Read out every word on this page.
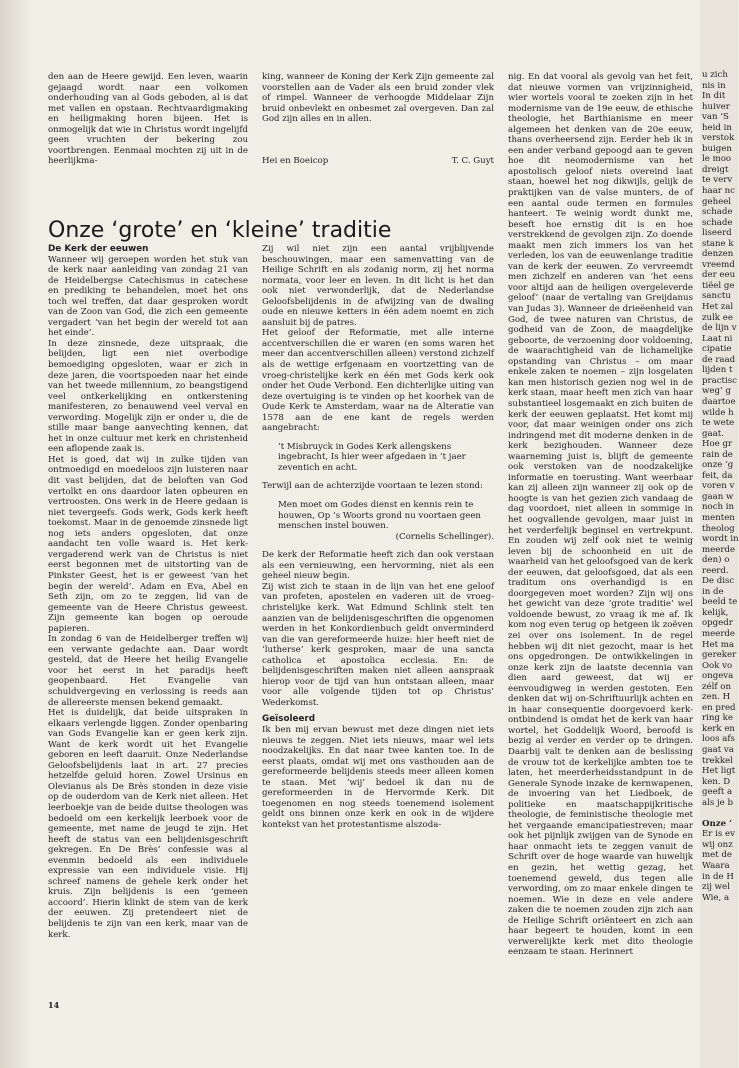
den aan de Heere gewijd. Een leven, waarin gejaagd wordt naar een volkomen onderhouding van al Gods geboden, al is dat met vallen en opstaan. Rechtvaardigmaking en heiligmaking horen bijeen. Het is onmogelijk dat wie in Christus wordt ingelijfd geen vruchten der bekering zou voortbrengen. Eenmaal mochten zij uit in de heerlijkma-

king, wanneer de Koning der Kerk Zijn gemeente zal voorstellen aan de Vader als een bruid zonder vlek of rimpel. Wanneer de verhoogde Middelaar Zijn bruid onbevlekt en onbesmet zal overgeven. Dan zal God zijn alles en in allen.

Hei en Boeicop	T. C. Guyt
Onze ‘grote’ en ‘kleine’ traditie

De Kerk der eeuwen

Wanneer wij geroepen worden het stuk van de kerk naar aanleiding van zondag 21 van de Heidelbergse Catechismus in catechese en prediking te behandelen, moet het ons toch wel treffen, dat daar gesproken wordt van de Zoon van God, die zich een gemeente vergadert ‘van het begin der wereld tot aan het einde’.

In deze zinsnede, deze uitspraak, die belijden, ligt een niet overbodige bemoediging opgesloten, waar er zich in deze jaren, die voortspoeden naar het einde van het tweede millennium, zo beangstigend veel ontkerkelijking en ontkerstening manifesteren, zo benauwend veel verval en verwording. Mogelijk zijn er onder u, die de stille maar bange aanvechting kennen, dat het in onze cultuur met kerk en christenheid een aflopende zaak is.

Het is goed, dat wij in zulke tijden van ontmoedigd en moedeloos zijn luisteren naar dit vast belijden, dat de beloften van God vertolkt en ons daardoor laten opbeuren en vertroosten. Ons werk in de Heere gedaan is niet tevergeefs. Gods werk, Gods kerk heeft toekomst. Maar in de genoemde zinsnede ligt nog iets anders opgesloten, dat onze aandacht ten volle waard is. Het kerk-vergaderend werk van de Christus is niet eerst begonnen met de uitstorting van de Pinkster Geest, het is er geweest ‘van het begin der wereld’. Adam en Eva, Abel en Seth zijn, om zo te zeggen, lid van de gemeente van de Heere Christus geweest. Zijn gemeente kan bogen op oeroude papieren.

In zondag 6 van de Heidelberger treffen wij een verwante gedachte aan. Daar wordt gesteld, dat de Heere het heilig Evangelie voor het eerst in het paradijs heeft geopenbaard. Het Evangelie van schuldvergeving en verlossing is reeds aan de allereerste mensen bekend gemaakt.

Het is duidelijk, dat beide uitspraken in elkaars verlengde liggen. Zonder openbaring van Gods Evangelie kan er geen kerk zijn. Want de kerk wordt uit het Evangelie geboren en leeft daaruit. Onze Nederlandse Geloofsbelijdenis laat in art. 27 precies hetzelfde geluid horen. Zowel Ursinus en Olevianus als De Brès stonden in deze visie op de ouderdom van de Kerk niet alleen. Het leerboekje van de beide duitse theologen was bedoeld om een kerkelijk leerboek voor de gemeente, met name de jeugd te zijn. Het heeft de status van een belijdenisgeschrift gekregen. En De Brès’ confessie was al evenmin bedoeld als een individuele expressie van een individuele visie. Hij schreef namens de gehele kerk onder het kruis. Zijn belijdenis is een ‘gemeen accoord’. Hierin klinkt de stem van de kerk der eeuwen. Zij pretendeert niet de belijdenis te zijn van een kerk, maar van de kerk.

Zij wil niet zijn een aantal vrijblijvende beschouwingen, maar een samenvatting van de Heilige Schrift en als zodanig norm, zij het norma normata, voor leer en leven. In dit licht is het dan ook niet verwonderlijk, dat de Nederlandse Geloofsbelijdenis in de afwijzing van de dwaling oude en nieuwe ketters in één adem noemt en zich aansluit bij de patres.

Het geloof der Reformatie, met alle interne accentverschillen die er waren (en soms waren het meer dan accentverschillen alleen) verstond zichzelf als de wettige erfgenaam en voortzetting van de vroeg-christelijke kerk en één met Gods kerk ook onder het Oude Verbond. Een dichterlijke uiting van deze overtuiging is te vinden op het koorhek van de Oude Kerk te Amsterdam, waar na de Alteratie van 1578 aan de ene kant de regels werden aangebracht:

’t Misbruyck in Godes Kerk allengskens ingebracht, Is hier weer afgedaen in ’t jaer zeventich en acht.

Terwijl aan de achterzijde voortaan te lezen stond:

Men moet om Godes dienst en kennis rein te houwen, Op ’s Woorts grond nu voortaen geen menschen instel bouwen.
(Cornelis Schellinger).

De kerk der Reformatie heeft zich dan ook verstaan als een vernieuwing, een hervorming, niet als een geheel nieuw begin.

Zij wist zich te staan in de lijn van het ene geloof van profeten, apostelen en vaderen uit de vroeg-christelijke kerk. Wat Edmund Schlink stelt ten aanzien van de belijdenisgeschriften die opgenomen werden in het Konkordienbuch geldt onverminderd van die van gereformeerde huize: hier heeft niet de ‘lutherse’ kerk gesproken, maar de una sancta catholica et apostolica ecclesia. En: de belijdenisgeschriften maken niet alleen aanspraak hierop voor de tijd van hun ontstaan alleen, maar voor alle volgende tijden tot op Christus’ Wederkomst.

Geïsoleerd

Ik ben mij ervan bewust met deze dingen niet iets nieuws te zeggen. Niet iets nieuws, maar wel iets noodzakelijks. En dat naar twee kanten toe. In de eerst plaats, omdat wij met ons vasthouden aan de gereformeerde belijdenis steeds meer alleen komen te staan. Met ‘wij’ bedoel ik dan nu de gereformeerden in de Hervormde Kerk. Dit toegenomen en nog steeds toenemend isolement geldt ons binnen onze kerk en ook in de wijdere kontekst van het protestantisme alszoda-

nig. En dat vooral als gevolg van het feit, dat nieuwe vormen van vrijzinnigheid, wier wortels vooral te zoeken zijn in het modernisme van de 19e eeuw, de ethische theologie, het Barthianisme en meer algemeen het denken van de 20e eeuw, thans overheersend zijn. Eerder heb ik in een ander verband gepoogd aan te geven hoe dit neomodernisme van het apostolisch geloof niets overeind laat staan, hoewel het nog dikwijls, gelijk de praktijken van de valse munters, de of een aantal oude termen en formules hanteert. Te weinig wordt dunkt me, beseft hoe ernstig dit is en hoe verstrekkend de gevolgen zijn. Zo doende maakt men zich immers los van het verleden, los van de eeuwenlange traditie van de kerk der eeuwen. Zo vervreemdt men zichzelf en anderen van ‘het eens voor altijd aan de heiligen overgeleverde geloof’ (naar de vertaling van Greijdanus van Judas 3). Wanneer de drieëenheid van God, de twee naturen van Christus, de godheid van de Zoon, de maagdelijke geboorte, de verzoening door voldoening, de waarachtigheid van de lichamelijke opstanding van Christus – om maar enkele zaken te noemen – zijn losgelaten kan men historisch gezien nog wel in de kerk staan, maar heeft men zich van haar substantieel losgemaakt en zich buiten de kerk der eeuwen geplaatst. Het komt mij voor, dat maar weinigen onder ons zich indringend met dit moderne denken in de kerk bezighouden. Wanneer deze waarneming juist is, blijft de gemeente ook verstoken van de noodzakelijke informatie en toerusting. Want weerbaar kan zij alleen zijn wanneer zij ook op de hoogte is van het gezien zich vandaag de dag voordoet, niet alleen in sommige in het oogvallende gevolgen, maar juist in het verderfelijk beginsel en vertrekpunt. En zouden wij zelf ook niet te weinig leven bij de schoonheid en uit de waarheid van het geloofsgoed van de kerk der eeuwen, dat geloofsgoed, dat als een traditum ons overhandigd is en doorgegeven moet worden? Zijn wij ons het gewicht van deze ‘grote traditie’ wel voldoende bewust, zo vraag ik me af. Ik kom nog even terug op hetgeen ik zoëven zei over ons isolement. In de regel hebben wij dit niet gezocht, maar is het ons opgedrongen. De ontwikkelingen in onze kerk zijn de laatste decennia van dien aard geweest, dat wij er eenvoudigweg in werden gestoten. Een denken dat wij on-Schriftuurlijk achten en in haar consequentie doorgevoerd kerk-ontbindend is omdat het de kerk van haar wortel, het Goddelijk Woord, beroofd is bezig al verder en verder op te dringen. Daarbij valt te denken aan de beslissing de vrouw tot de kerkelijke ambten toe te laten, het meerderheidsstandpunt in de Generale Synode inzake de kernwapenen, de invoering van het Liedboek, de politieke en maatschappijkritische theologie, de feministische theologie met het vergaande emancipatiestreven; maar ook het pijnlijk zwijgen van de Synode en haar onmacht iets te zeggen vanuit de Schrift over de hoge waarde van huwelijk en gezin, het wettig gezag, het toenemend geweld, dus tegen alle verwording, om zo maar enkele dingen te noemen. Wie in deze en vele andere zaken die te noemen zouden zijn zich aan de Heilige Schrift oriënteert en zich aan haar begeert te houden, komt in een verwerelijkte kerk met dito theologie eenzaam te staan. Herinnert

u zich
nis in
In dit
huiver
van ‘S
heid in
verstok
buigen
le moo
dreigt
te verv
haar nc
geheel
schade
schade
liseerd
stane k
denzen
vreemd
der eeu
tiëel ge
sanctu
Het zal
zulk ee
de lijn v
Laat ni
cipatie
de raad
lijden t
practisc
weg’ g
daartoe
wilde h
te wete
gaat.
Hoe gr
rain de
onze ‘g
feit, da
voren v
gaan w
noch in
menten
theolog
wordt in
meerde
den) o
reerd.
De disc
in de
beeld te
kelijk,
opgedr
meerde
Het ma
gereker
Ook vo
ongeva
zélf on
zen. H
en pred
ring ke
kerk en
loos afs
gaat va
trekkel
Het ligt
ken. D
geeft a
als je b

Onze ‘
Er is ev
wij onz
met de
Waara
in de H
zij wel
Wie, a
14
